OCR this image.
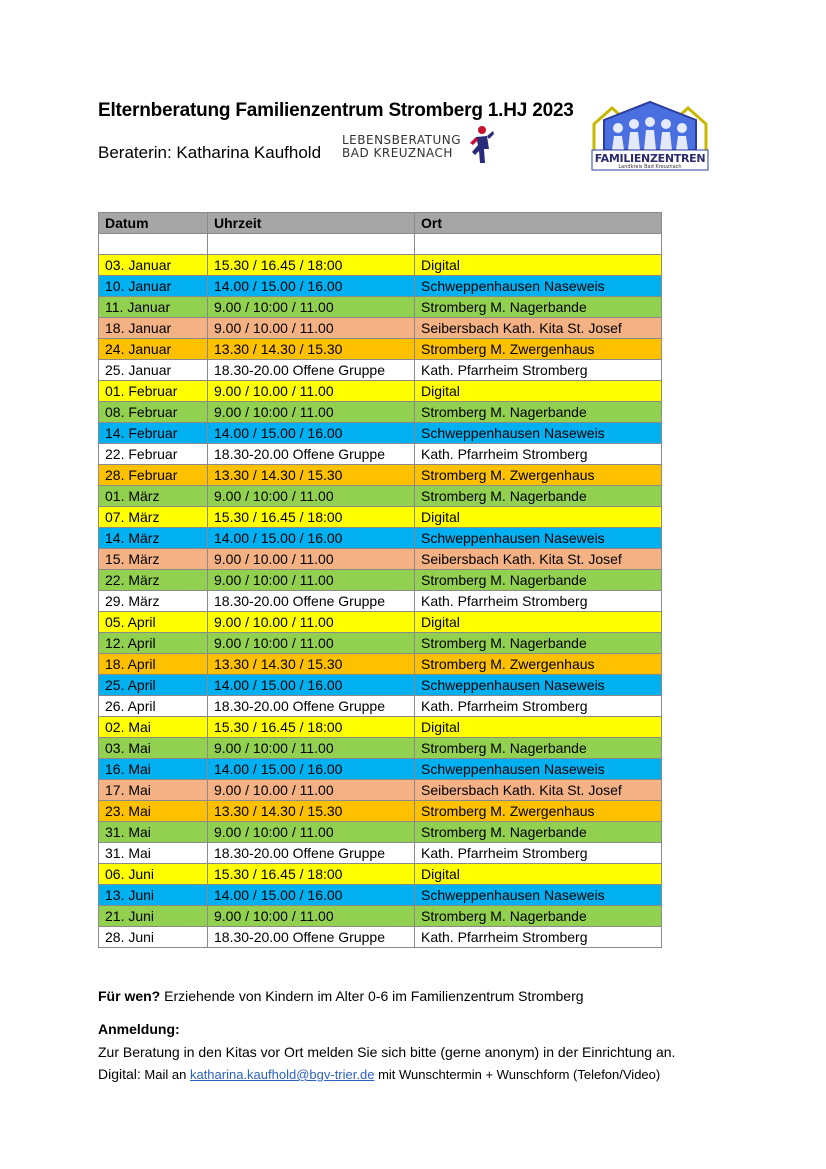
Elternberatung Familienzentrum Stromberg 1.HJ 2023
Beraterin: Katharina Kaufhold
LEBENSBERATUNG
BAD KREUZNACH	FAMILIENZENTREN
Landkreis Bad Kreuznach
Datum	Uhrzeit	Ort

03. Januar	15.30 / 16.45 / 18:00	Digital
10. Januar	14.00 / 15.00 / 16.00	Schweppenhausen Naseweis
11. Januar	9.00 / 10:00 / 11.00	Stromberg M. Nagerbande
18. Januar	9.00 / 10.00 / 11.00	Seibersbach Kath. Kita St. Josef
24. Januar	13.30 / 14.30 / 15.30	Stromberg M. Zwergenhaus
25. Januar	18.30-20.00 Offene Gruppe	Kath. Pfarrheim Stromberg
01. Februar	9.00 / 10.00 / 11.00	Digital
08. Februar	9.00 / 10:00 / 11.00	Stromberg M. Nagerbande
14. Februar	14.00 / 15.00 / 16.00	Schweppenhausen Naseweis
22. Februar	18.30-20.00 Offene Gruppe	Kath. Pfarrheim Stromberg
28. Februar	13.30 / 14.30 / 15.30	Stromberg M. Zwergenhaus
01. März	9.00 / 10:00 / 11.00	Stromberg M. Nagerbande
07. März	15.30 / 16.45 / 18:00	Digital
14. März	14.00 / 15.00 / 16.00	Schweppenhausen Naseweis
15. März	9.00 / 10.00 / 11.00	Seibersbach Kath. Kita St. Josef
22. März	9.00 / 10:00 / 11.00	Stromberg M. Nagerbande
29. März	18.30-20.00 Offene Gruppe	Kath. Pfarrheim Stromberg
05. April	9.00 / 10.00 / 11.00	Digital
12. April	9.00 / 10:00 / 11.00	Stromberg M. Nagerbande
18. April	13.30 / 14.30 / 15.30	Stromberg M. Zwergenhaus
25. April	14.00 / 15.00 / 16.00	Schweppenhausen Naseweis
26. April	18.30-20.00 Offene Gruppe	Kath. Pfarrheim Stromberg
02. Mai	15.30 / 16.45 / 18:00	Digital
03. Mai	9.00 / 10:00 / 11.00	Stromberg M. Nagerbande
16. Mai	14.00 / 15.00 / 16.00	Schweppenhausen Naseweis
17. Mai	9.00 / 10.00 / 11.00	Seibersbach Kath. Kita St. Josef
23. Mai	13.30 / 14.30 / 15.30	Stromberg M. Zwergenhaus
31. Mai	9.00 / 10:00 / 11.00	Stromberg M. Nagerbande
31. Mai	18.30-20.00 Offene Gruppe	Kath. Pfarrheim Stromberg
06. Juni	15.30 / 16.45 / 18:00	Digital
13. Juni	14.00 / 15.00 / 16.00	Schweppenhausen Naseweis
21. Juni	9.00 / 10:00 / 11.00	Stromberg M. Nagerbande
28. Juni	18.30-20.00 Offene Gruppe	Kath. Pfarrheim Stromberg
Für wen? Erziehende von Kindern im Alter 0-6 im Familienzentrum Stromberg
Anmeldung:
Zur Beratung in den Kitas vor Ort melden Sie sich bitte (gerne anonym) in der Einrichtung an.
Digital: Mail an katharina.kaufhold@bgv-trier.de mit Wunschtermin + Wunschform (Telefon/Video)
